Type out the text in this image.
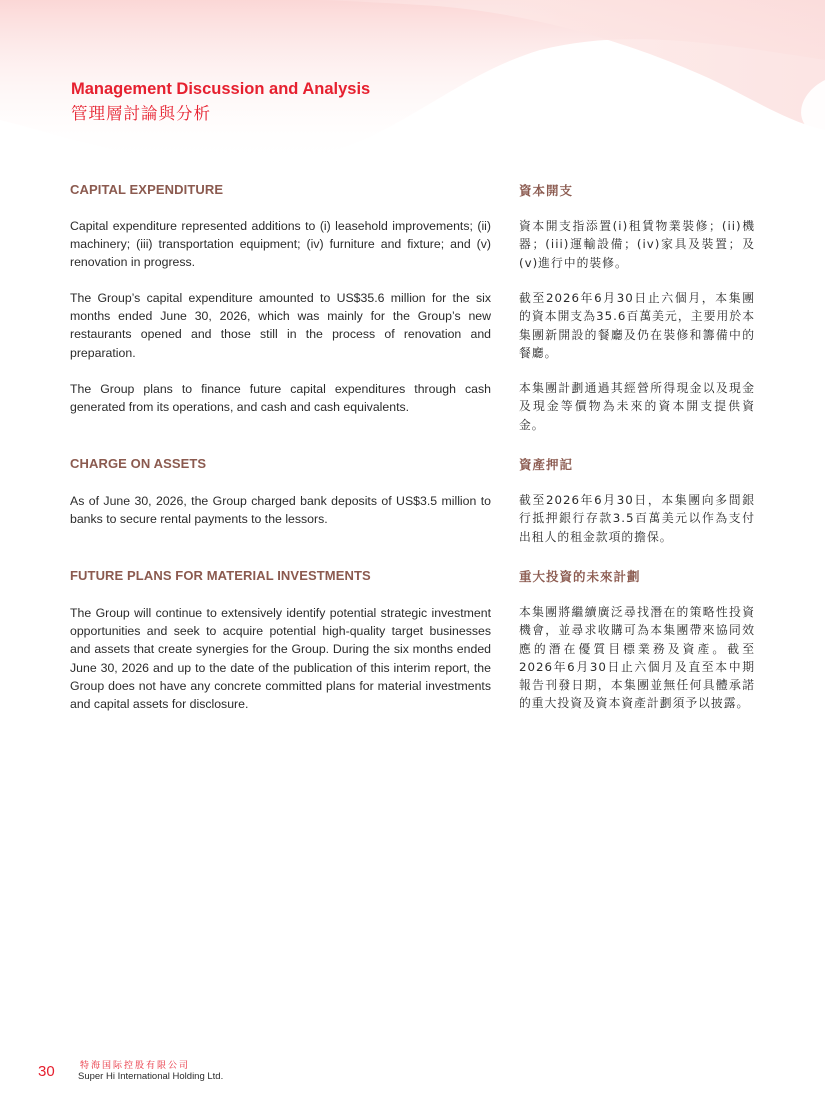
Management Discussion and Analysis
管理層討論與分析
CAPITAL EXPENDITURE	資本開支

Capital expenditure represented additions to (i) leasehold improvements; (ii) machinery; (iii) transportation equipment; (iv) furniture and fixture; and (v) renovation in progress.

資本開支指添置(i)租賃物業裝修；(ii)機器；(iii)運輸設備；(iv)家具及裝置；及(v)進行中的裝修。

The Group’s capital expenditure amounted to US$35.6 million for the six months ended June 30, 2026, which was mainly for the Group’s new restaurants opened and those still in the process of renovation and preparation.

截至2026年6月30日止六個月，本集團的資本開支為35.6百萬美元，主要用於本集團新開設的餐廳及仍在裝修和籌備中的餐廳。

The Group plans to finance future capital expenditures through cash generated from its operations, and cash and cash equivalents.

本集團計劃通過其經營所得現金以及現金及現金等價物為未來的資本開支提供資金。

CHARGE ON ASSETS	資產押記

As of June 30, 2026, the Group charged bank deposits of US$3.5 million to banks to secure rental payments to the lessors.

截至2026年6月30日，本集團向多間銀行抵押銀行存款3.5百萬美元以作為支付出租人的租金款項的擔保。

FUTURE PLANS FOR MATERIAL INVESTMENTS	重大投資的未來計劃

The Group will continue to extensively identify potential strategic investment opportunities and seek to acquire potential high-quality target businesses and assets that create synergies for the Group. During the six months ended June 30, 2026 and up to the date of the publication of this interim report, the Group does not have any concrete committed plans for material investments and capital assets for disclosure.

本集團將繼續廣泛尋找潛在的策略性投資機會，並尋求收購可為本集團帶來協同效應的潛在優質目標業務及資產。截至2026年6月30日止六個月及直至本中期報告刊發日期，本集團並無任何具體承諾的重大投資及資本資產計劃須予以披露。

30	特海国际控股有限公司
Super Hi International Holding Ltd.
